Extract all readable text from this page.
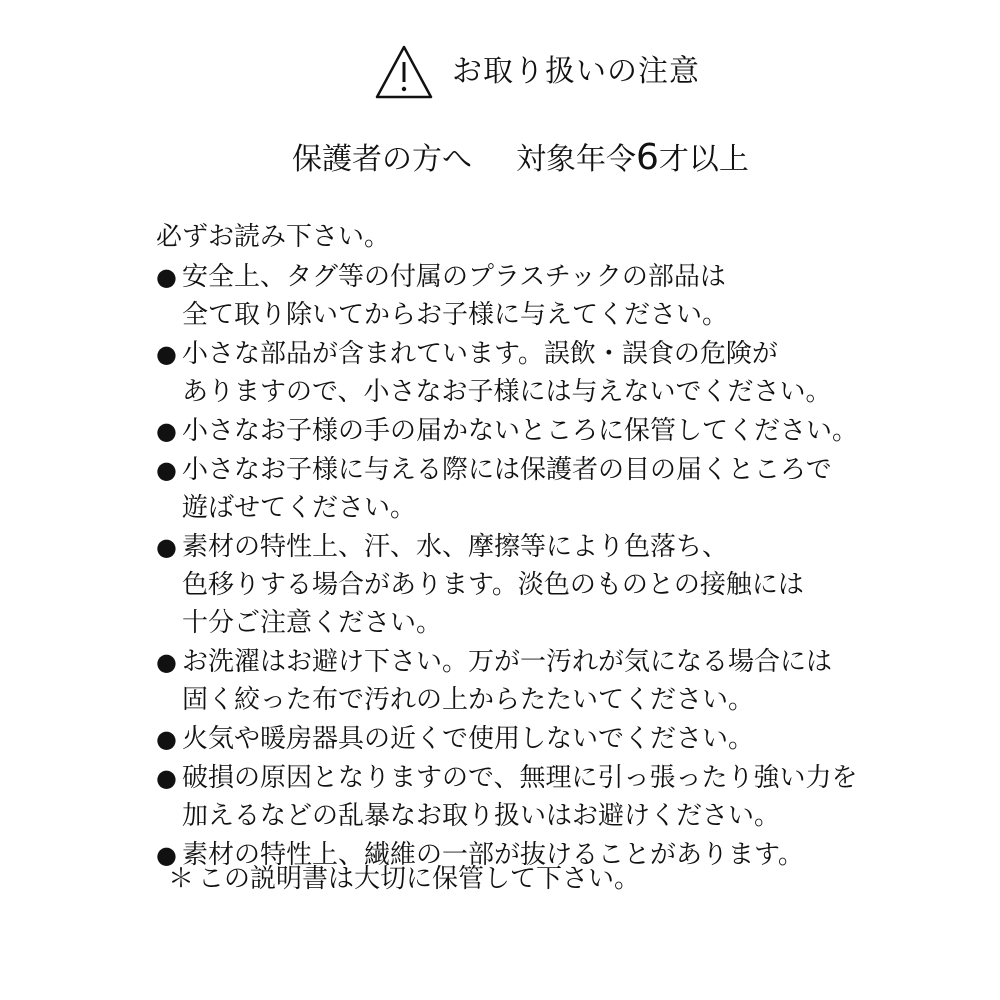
お取り扱いの注意
保護者の方へ 対象年令6才以上
必ずお読み下さい。
● 安全上、タグ等の付属のプラスチックの部品は
全て取り除いてからお子様に与えてください。
● 小さな部品が含まれています。誤飲・誤食の危険が
ありますので、小さなお子様には与えないでください。
● 小さなお子様の手の届かないところに保管してください。
● 小さなお子様に与える際には保護者の目の届くところで
遊ばせてください。
● 素材の特性上、汗、水、摩擦等により色落ち、
色移りする場合があります。淡色のものとの接触には
十分ご注意ください。
● お洗濯はお避け下さい。万が一汚れが気になる場合には
固く絞った布で汚れの上からたたいてください。
● 火気や暖房器具の近くで使用しないでください。
● 破損の原因となりますので、無理に引っ張ったり強い力を
加えるなどの乱暴なお取り扱いはお避けください。
● 素材の特性上、繊維の一部が抜けることがあります。
＊ この説明書は大切に保管して下さい。
